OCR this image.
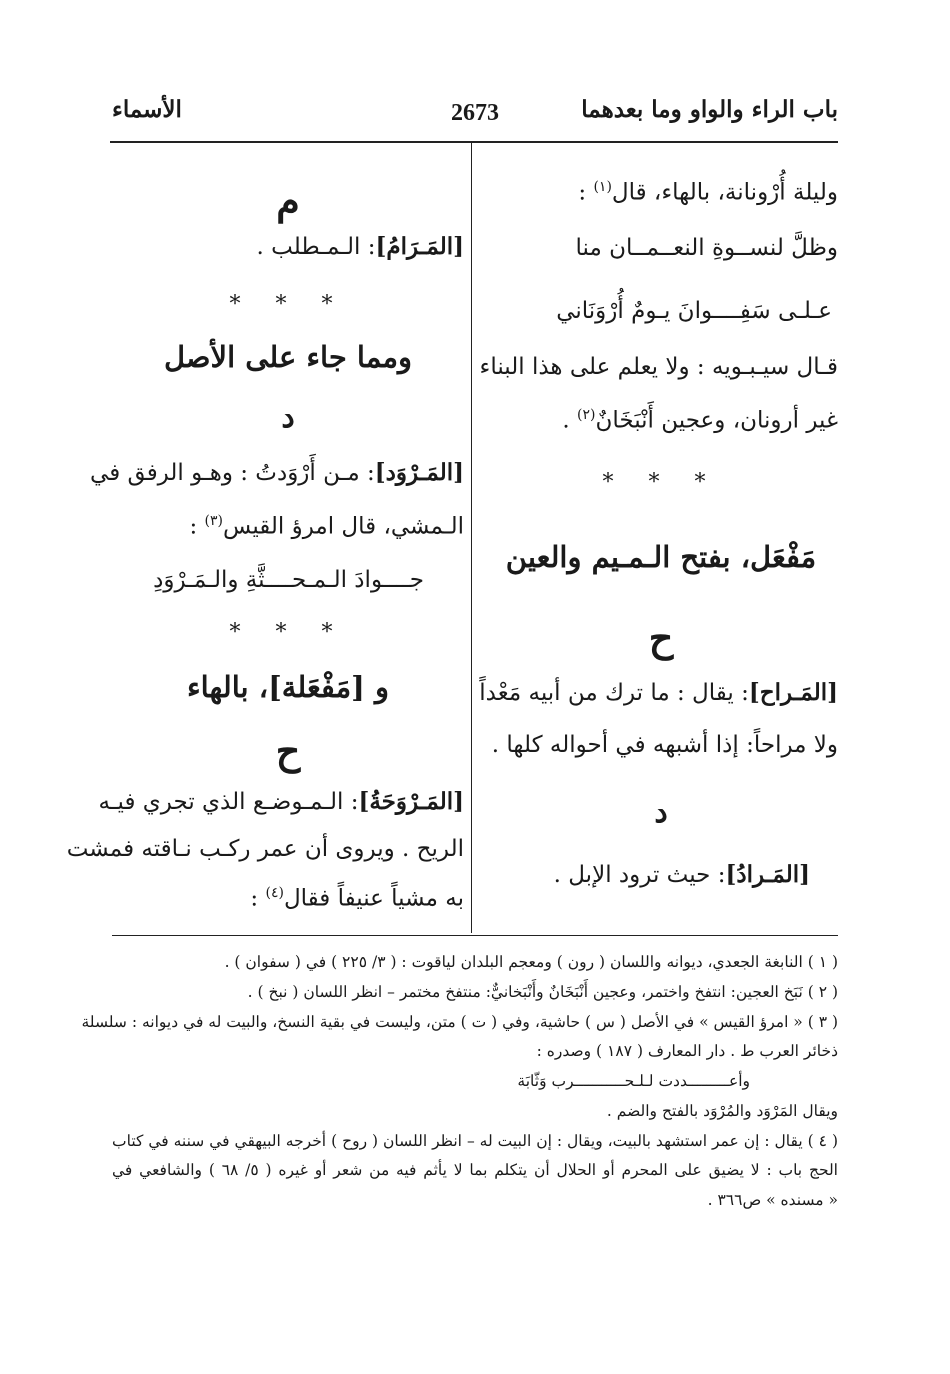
باب الراء والواو وما بعدهما
2673
الأسماء
وليلة أُرْونانة، بالهاء، قال$^{(١)}$ :
وظلَّ لنســوةِ النعــمــان منا
عـلـى سَفِــــوانَ يـومٌ أُرْوَنَاني
قـال سيـبـويه : ولا يعلم على هذا البناء
غير أرونان، وعجين أَنْبَخَانٌ$^{(٢)}$ .
* * *
مَفْعَل، بفتح الـمـيم والعين
ح
[المَـراح]: يقال : ما ترك من أبيه مَعْداً
ولا مراحاً: إذا أشبهه في أحواله كلها .
د
[المَـرادُ]: حيث ترود الإبل .
م
[المَـرَامُ]: الـمـطلب .
* * *
ومما جاء على الأصل
د
[المَـرْوَد]: مـن أَرْوَدتُ : وهـو الرفق في
الـمشي، قال امرؤ القيس$^{(٣)}$ :
جــــوادَ الـمـحــــثَّةِ والـمَـرْوَدِ
* * *
و [مَفْعَلة]، بالهاء
ح
[المَـرْوَحَةُ]: الـمـوضـع الذي تجري فيـه
الريح . ويروى أن عمر ركـب نـاقته فمشت
به مشياً عنيفاً فقال$^{(٤)}$ :
( ١ ) النابغة الجعدي، ديوانه واللسان ( رون ) ومعجم البلدان لياقوت : ( ٣/ ٢٢٥ ) في ( سفوان ) .
( ٢ ) نَبَخ العجين: انتفخ واختمر، وعجين أَنْبَخَانٌ وأَنْبَخانيٌّ: منتفخ مختمر – انظر اللسان ( نبخ ) .
( ٣ ) « امرؤ القيس » في الأصل ( س ) حاشية، وفي ( ت ) متن، وليست في بقية النسخ، والبيت له في ديوانه : سلسلة
ذخائر العرب ط . دار المعارف ( ١٨٧ ) وصدره :
وأعـــــــــددت لـلـحـــــــــــرب وَثّابَة
ويقال المَرْوَد والمُرْوَد بالفتح والضم .
( ٤ ) يقال : إن عمر استشهد بالبيت، ويقال : إن البيت له – انظر اللسان ( روح ) أخرجه البيهقي في سننه في كتاب
الحج باب : لا يضيق على المحرم أو الحلال أن يتكلم بما لا يأثم فيه من شعر أو غيره ( ٥/ ٦٨ ) والشافعي في
« مسنده » ص٣٦٦ .
